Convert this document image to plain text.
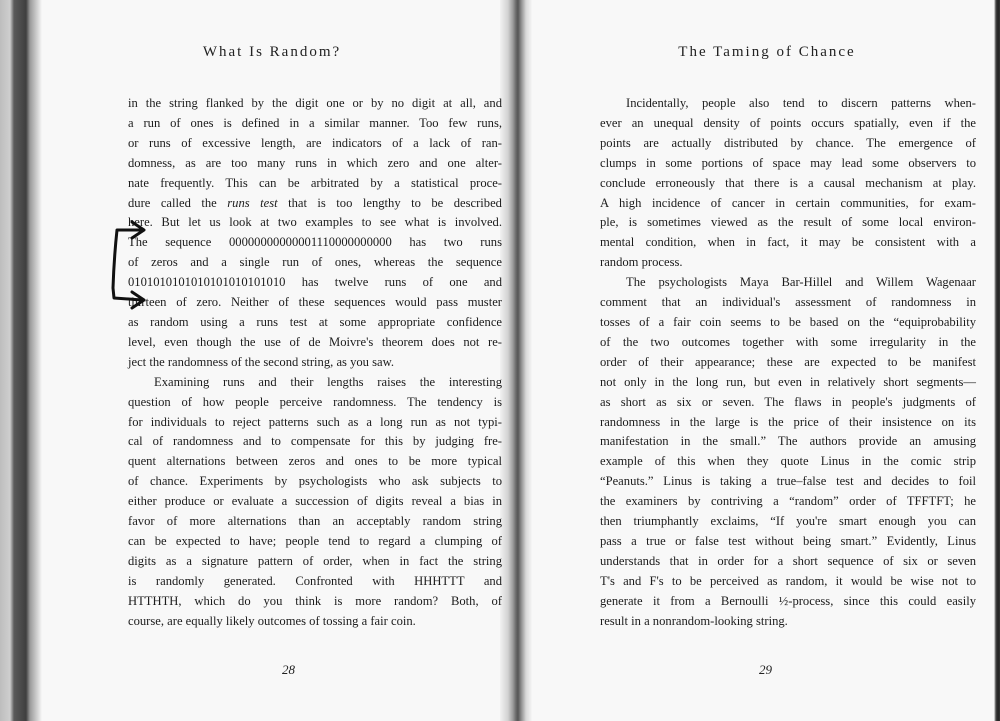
What Is Random?
in the string flanked by the digit one or by no digit at all, and
a run of ones is defined in a similar manner. Too few runs,
or runs of excessive length, are indicators of a lack of ran-
domness, as are too many runs in which zero and one alter-
nate frequently. This can be arbitrated by a statistical proce-
dure called the runs test that is too lengthy to be described
here. But let us look at two examples to see what is involved.
The sequence 00000000000001110000000000 has two runs
of zeros and a single run of ones, whereas the sequence
0101010101010101010101010 has twelve runs of one and
thirteen of zero. Neither of these sequences would pass muster
as random using a runs test at some appropriate confidence
level, even though the use of de Moivre's theorem does not re-
ject the randomness of the second string, as you saw.
Examining runs and their lengths raises the interesting
question of how people perceive randomness. The tendency is
for individuals to reject patterns such as a long run as not typi-
cal of randomness and to compensate for this by judging fre-
quent alternations between zeros and ones to be more typical
of chance. Experiments by psychologists who ask subjects to
either produce or evaluate a succession of digits reveal a bias in
favor of more alternations than an acceptably random string
can be expected to have; people tend to regard a clumping of
digits as a signature pattern of order, when in fact the string
is randomly generated. Confronted with HHHTTT and
HTTHTH, which do you think is more random? Both, of
course, are equally likely outcomes of tossing a fair coin.
28
The Taming of Chance
Incidentally, people also tend to discern patterns when-
ever an unequal density of points occurs spatially, even if the
points are actually distributed by chance. The emergence of
clumps in some portions of space may lead some observers to
conclude erroneously that there is a causal mechanism at play.
A high incidence of cancer in certain communities, for exam-
ple, is sometimes viewed as the result of some local environ-
mental condition, when in fact, it may be consistent with a
random process.
The psychologists Maya Bar-Hillel and Willem Wagenaar
comment that an individual's assessment of randomness in
tosses of a fair coin seems to be based on the “equiprobability
of the two outcomes together with some irregularity in the
order of their appearance; these are expected to be manifest
not only in the long run, but even in relatively short segments—
as short as six or seven. The flaws in people's judgments of
randomness in the large is the price of their insistence on its
manifestation in the small.” The authors provide an amusing
example of this when they quote Linus in the comic strip
“Peanuts.” Linus is taking a true–false test and decides to foil
the examiners by contriving a “random” order of TFFTFT; he
then triumphantly exclaims, “If you're smart enough you can
pass a true or false test without being smart.” Evidently, Linus
understands that in order for a short sequence of six or seven
T's and F's to be perceived as random, it would be wise not to
generate it from a Bernoulli ½-process, since this could easily
result in a nonrandom-looking string.
29
